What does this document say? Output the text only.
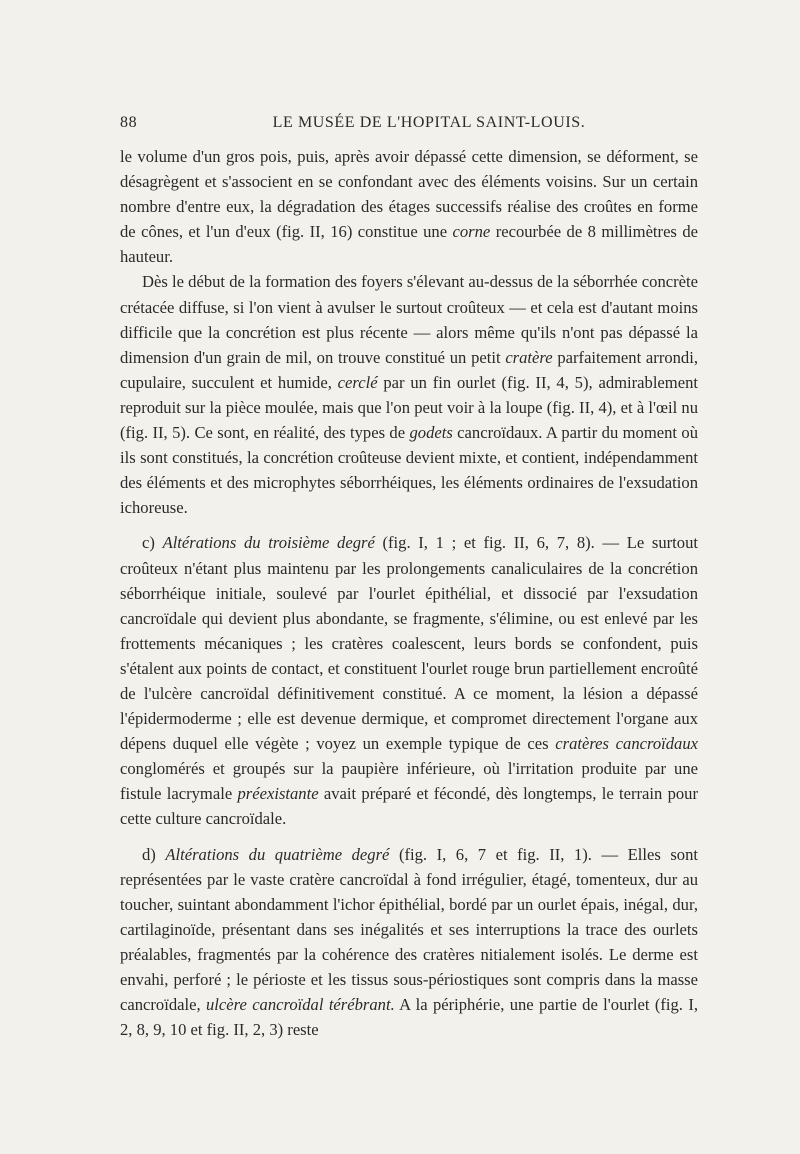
88	LE MUSÉE DE L'HOPITAL SAINT-LOUIS.

le volume d'un gros pois, puis, après avoir dépassé cette dimension, se déforment, se désagrègent et s'associent en se confondant avec des éléments voisins. Sur un certain nombre d'entre eux, la dégradation des étages successifs réalise des croûtes en forme de cônes, et l'un d'eux (fig. II, 16) constitue une corne recourbée de 8 millimètres de hauteur.

Dès le début de la formation des foyers s'élevant au-dessus de la séborrhée concrète crétacée diffuse, si l'on vient à avulser le surtout croûteux — et cela est d'autant moins difficile que la concrétion est plus récente — alors même qu'ils n'ont pas dépassé la dimension d'un grain de mil, on trouve constitué un petit cratère parfaitement arrondi, cupulaire, succulent et humide, cerclé par un fin ourlet (fig. II, 4, 5), admirablement reproduit sur la pièce moulée, mais que l'on peut voir à la loupe (fig. II, 4), et à l'œil nu (fig. II, 5). Ce sont, en réalité, des types de godets cancroïdaux. A partir du moment où ils sont constitués, la concrétion croûteuse devient mixte, et contient, indépendamment des éléments et des microphytes séborrhéiques, les éléments ordinaires de l'exsudation ichoreuse.

c) Altérations du troisième degré (fig. I, 1 ; et fig. II, 6, 7, 8). — Le surtout croûteux n'étant plus maintenu par les prolongements canaliculaires de la concrétion séborrhéique initiale, soulevé par l'ourlet épithélial, et dissocié par l'exsudation cancroïdale qui devient plus abondante, se fragmente, s'élimine, ou est enlevé par les frottements mécaniques ; les cratères coalescent, leurs bords se confondent, puis s'étalent aux points de contact, et constituent l'ourlet rouge brun partiellement encroûté de l'ulcère cancroïdal définitivement constitué. A ce moment, la lésion a dépassé l'épidermoderme ; elle est devenue dermique, et compromet directement l'organe aux dépens duquel elle végète ; voyez un exemple typique de ces cratères cancroïdaux conglomérés et groupés sur la paupière inférieure, où l'irritation produite par une fistule lacrymale préexistante avait préparé et fécondé, dès longtemps, le terrain pour cette culture cancroïdale.

d) Altérations du quatrième degré (fig. I, 6, 7 et fig. II, 1). — Elles sont représentées par le vaste cratère cancroïdal à fond irrégulier, étagé, tomenteux, dur au toucher, suintant abondamment l'ichor épithélial, bordé par un ourlet épais, inégal, dur, cartilaginoïde, présentant dans ses inégalités et ses interruptions la trace des ourlets préalables, fragmentés par la cohérence des cratères nitialement isolés. Le derme est envahi, perforé ; le périoste et les tissus sous-périostiques sont compris dans la masse cancroïdale, ulcère cancroïdal térébrant. A la périphérie, une partie de l'ourlet (fig. I, 2, 8, 9, 10 et fig. II, 2, 3) reste
